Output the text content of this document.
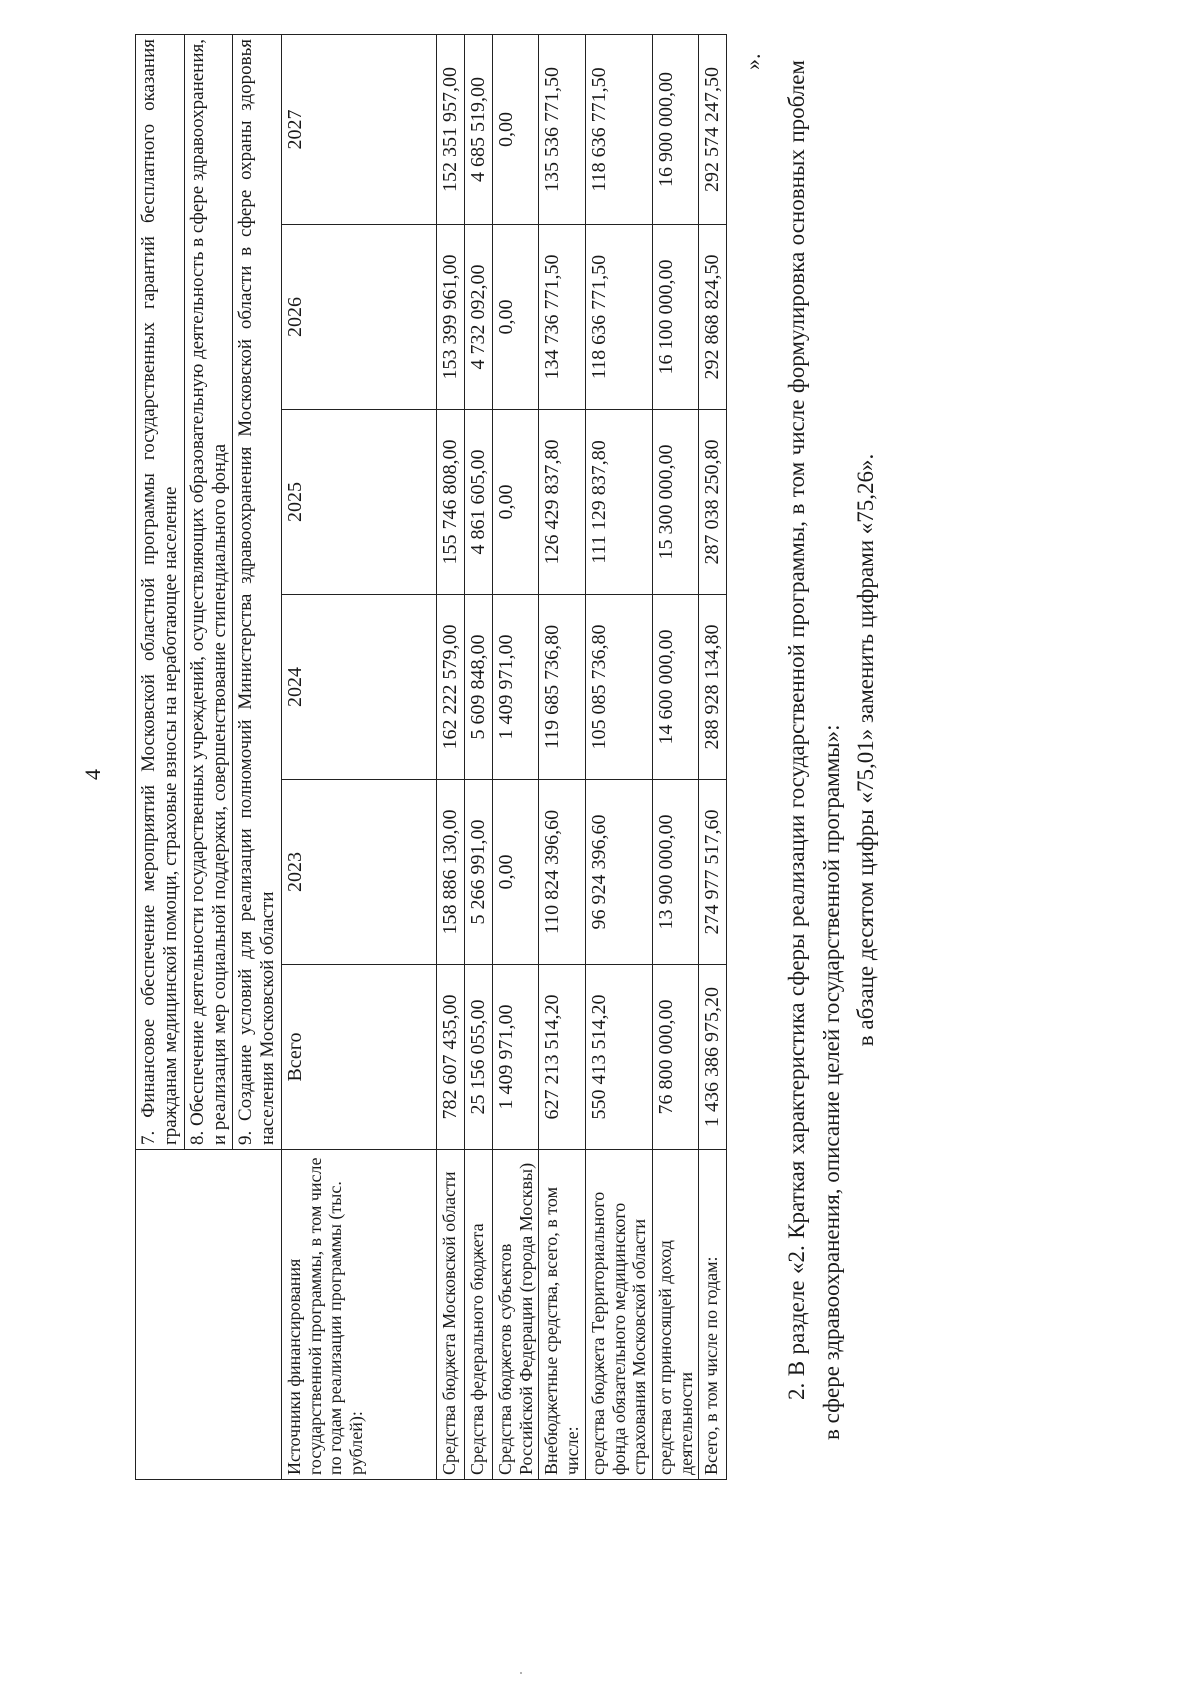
4
	7. Финансовое обеспечение мероприятий Московской областной программы государственных гарантий бесплатного оказания гражданам медицинской помощи, страховые взносы на неработающее население					
	8. Обеспечение деятельности государственных учреждений, осуществляющих образовательную деятельность в сфере здравоохранения, и реализация мер социальной поддержки, совершенствование стипендиального фонда					
	9. Создание условий для реализации полномочий Министерства здравоохранения Московской области в сфере охраны здоровья населения Московской области					
Источники финансирования государственной программы, в том числе по годам реализации программы (тыс. рублей):	Всего	2023	2024	2025	2026	2027
Средства бюджета Московской области	782 607 435,00	158 886 130,00	162 222 579,00	155 746 808,00	153 399 961,00	152 351 957,00
Средства федерального бюджета	25 156 055,00	5 266 991,00	5 609 848,00	4 861 605,00	4 732 092,00	4 685 519,00
Средства бюджетов субъектов Российской Федерации (города Москвы)	1 409 971,00	0,00	1 409 971,00	0,00	0,00	0,00
Внебюджетные средства, всего, в том числе:	627 213 514,20	110 824 396,60	119 685 736,80	126 429 837,80	134 736 771,50	135 536 771,50
средства бюджета Территориального фонда обязательного медицинского страхования Московской области	550 413 514,20	96 924 396,60	105 085 736,80	111 129 837,80	118 636 771,50	118 636 771,50
средства от приносящей доход деятельности	76 800 000,00	13 900 000,00	14 600 000,00	15 300 000,00	16 100 000,00	16 900 000,00
Всего, в том числе по годам:	1 436 386 975,20	274 977 517,60	288 928 134,80	287 038 250,80	292 868 824,50	292 574 247,50
». 2. В разделе «2. Краткая характеристика сферы реализации государственной программы, в том числе формулировка основных проблем в сфере здравоохранения, описание целей государственной программы»: в абзаце десятом цифры «75,01» заменить цифрами «75,26».
